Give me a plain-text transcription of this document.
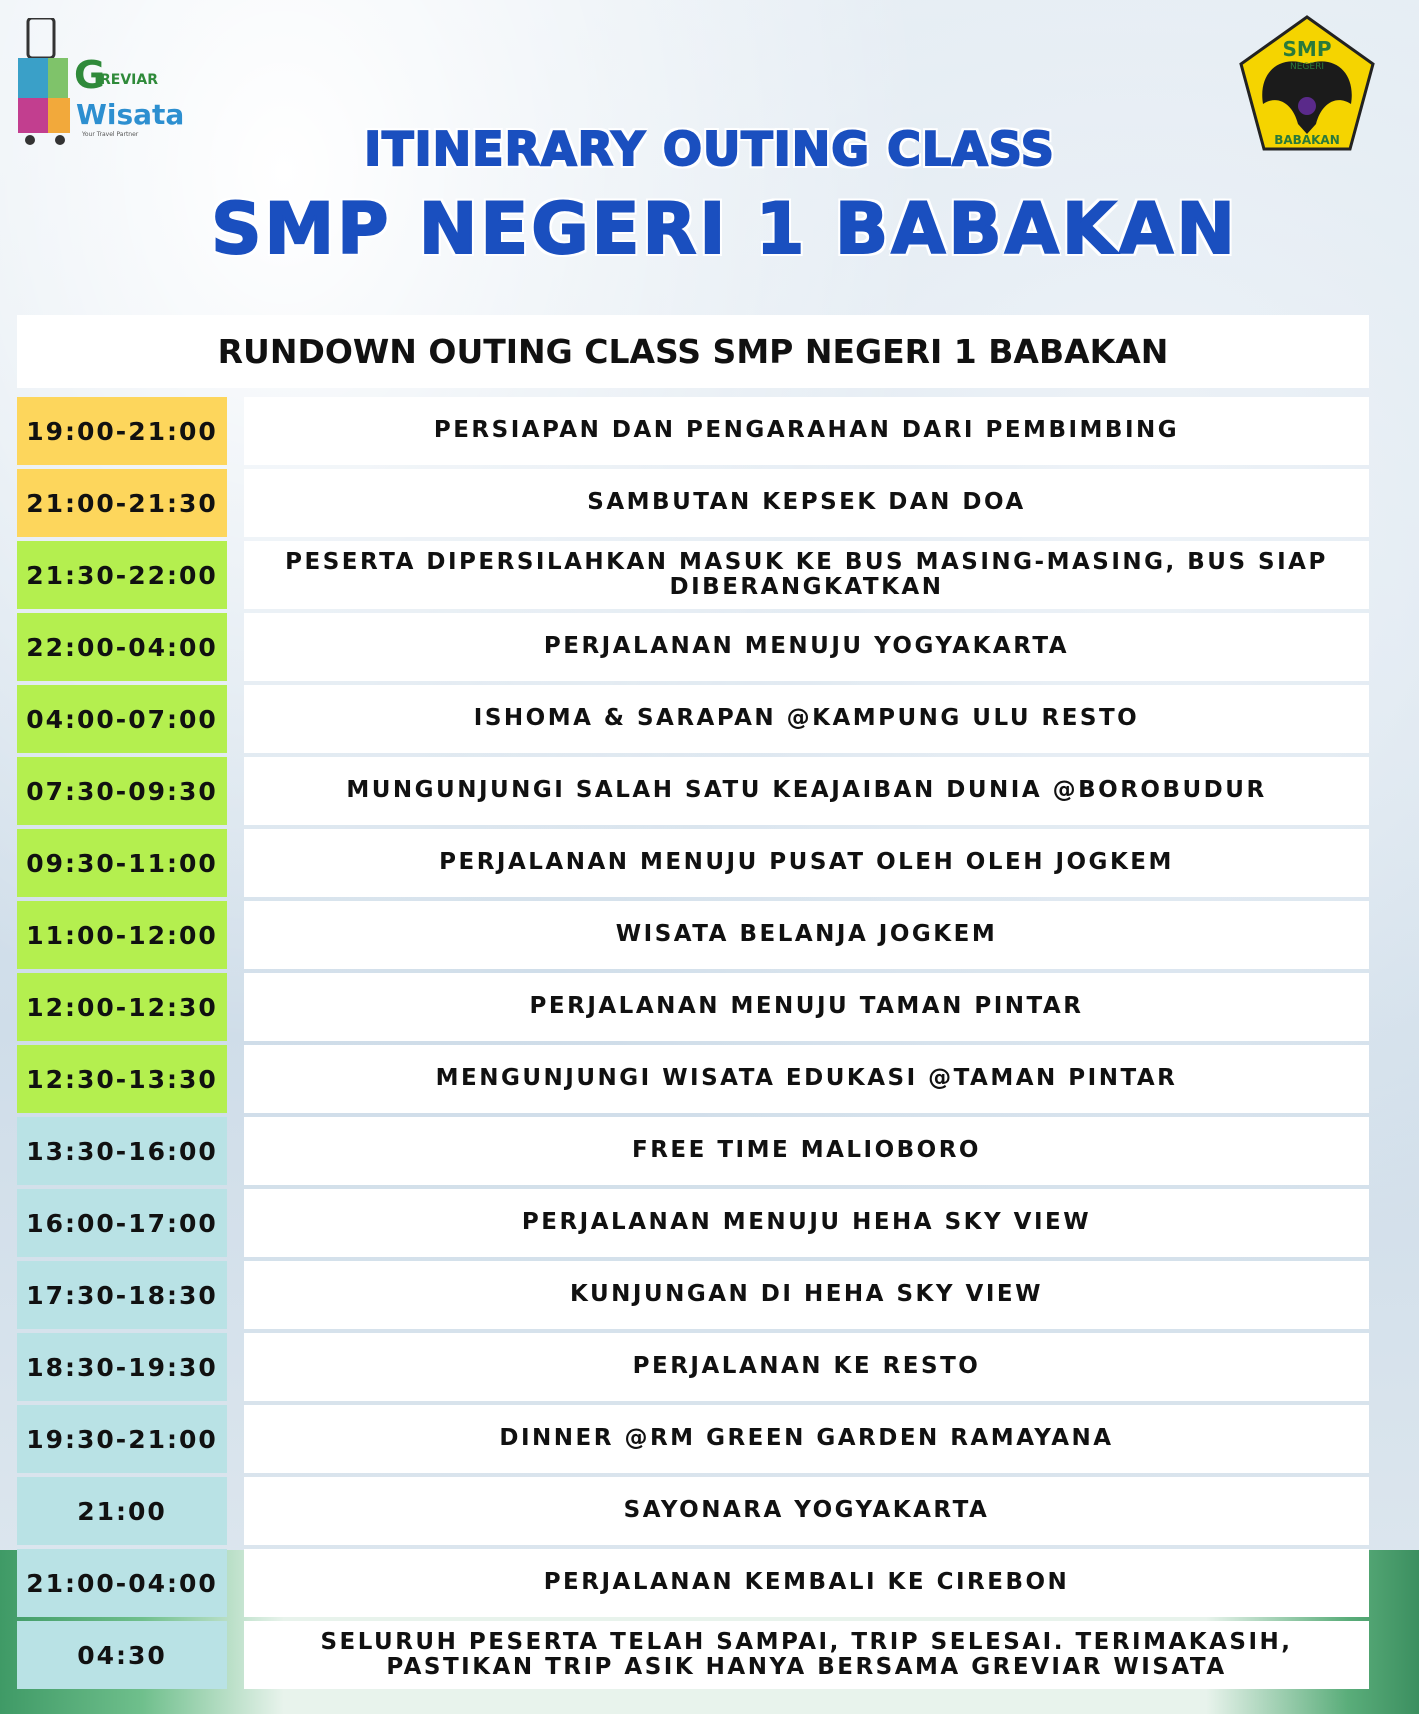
G
REVIAR
Wisata
Your Travel Partner
SMP
NEGERI
BABAKAN
ITINERARY OUTING CLASS
SMP NEGERI 1 BABAKAN
RUNDOWN OUTING CLASS SMP NEGERI 1 BABAKAN
19:00-21:00	PERSIAPAN DAN PENGARAHAN DARI PEMBIMBING
21:00-21:30	SAMBUTAN KEPSEK DAN DOA
21:30-22:00	PESERTA DIPERSILAHKAN MASUK KE BUS MASING-MASING, BUS SIAP DIBERANGKATKAN
22:00-04:00	PERJALANAN MENUJU YOGYAKARTA
04:00-07:00	ISHOMA & SARAPAN @KAMPUNG ULU RESTO
07:30-09:30	MUNGUNJUNGI SALAH SATU KEAJAIBAN DUNIA @BOROBUDUR
09:30-11:00	PERJALANAN MENUJU PUSAT OLEH OLEH JOGKEM
11:00-12:00	WISATA BELANJA JOGKEM
12:00-12:30	PERJALANAN MENUJU TAMAN PINTAR
12:30-13:30	MENGUNJUNGI WISATA EDUKASI @TAMAN PINTAR
13:30-16:00	FREE TIME MALIOBORO
16:00-17:00	PERJALANAN MENUJU HEHA SKY VIEW
17:30-18:30	KUNJUNGAN DI HEHA SKY VIEW
18:30-19:30	PERJALANAN KE RESTO
19:30-21:00	DINNER @RM GREEN GARDEN RAMAYANA
21:00	SAYONARA YOGYAKARTA
21:00-04:00	PERJALANAN KEMBALI KE CIREBON
04:30	SELURUH PESERTA TELAH SAMPAI, TRIP SELESAI. TERIMAKASIH, PASTIKAN TRIP ASIK HANYA BERSAMA GREVIAR WISATA
